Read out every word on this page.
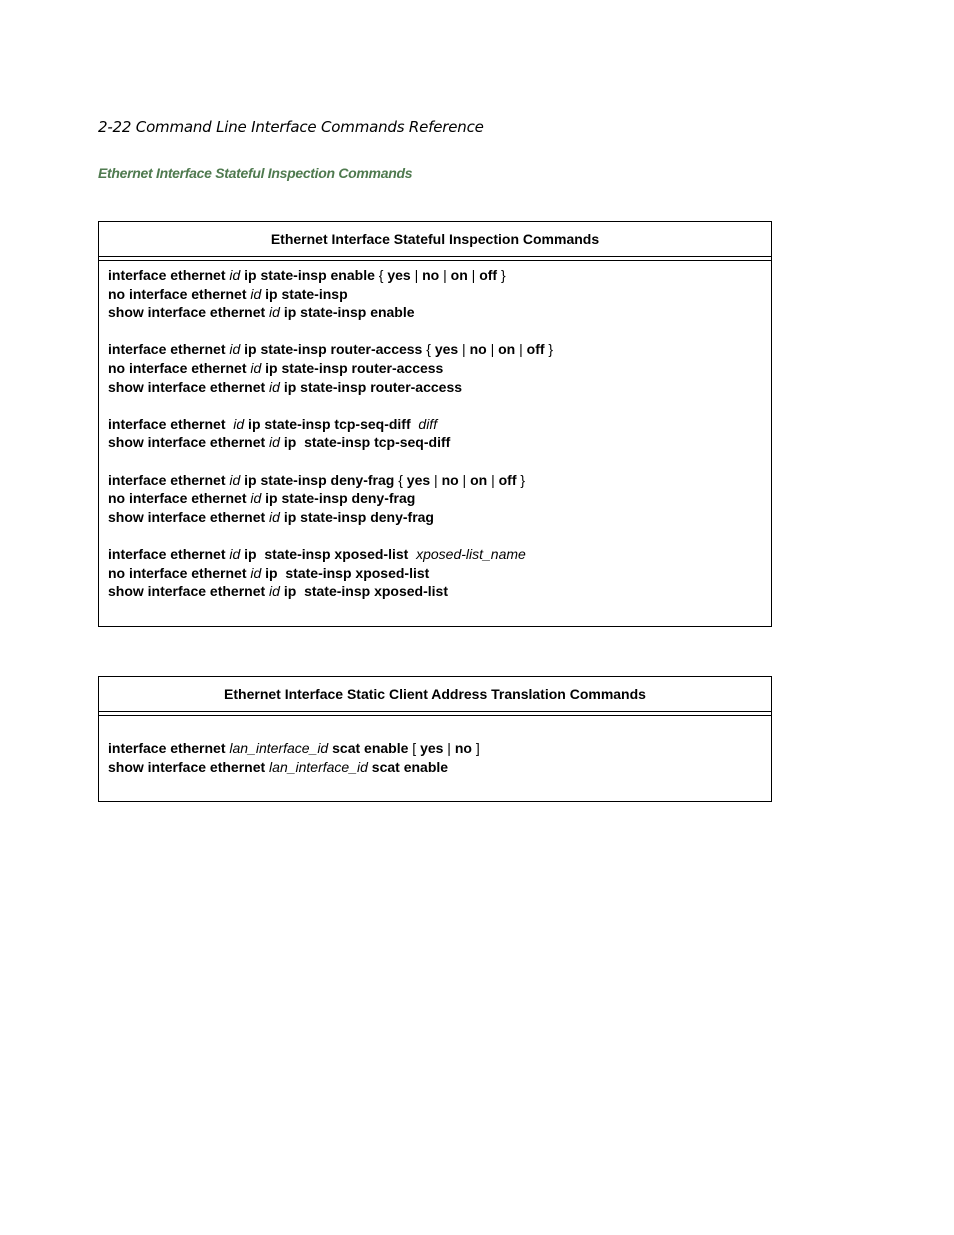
2-22 Command Line Interface Commands Reference
Ethernet Interface Stateful Inspection Commands
Ethernet Interface Stateful Inspection Commands
interface ethernet id ip state-insp enable { yes | no | on | off }
no interface ethernet id ip state-insp
show interface ethernet id ip state-insp enable
interface ethernet id ip state-insp router-access { yes | no | on | off }
no interface ethernet id ip state-insp router-access
show interface ethernet id ip state-insp router-access
interface ethernet  id ip state-insp tcp-seq-diff  diff
show interface ethernet id ip  state-insp tcp-seq-diff
interface ethernet id ip state-insp deny-frag { yes | no | on | off }
no interface ethernet id ip state-insp deny-frag
show interface ethernet id ip state-insp deny-frag
interface ethernet id ip  state-insp xposed-list  xposed-list_name
no interface ethernet id ip  state-insp xposed-list
show interface ethernet id ip  state-insp xposed-list
Ethernet Interface Static Client Address Translation Commands
interface ethernet lan_interface_id scat enable [ yes | no ]
show interface ethernet lan_interface_id scat enable
